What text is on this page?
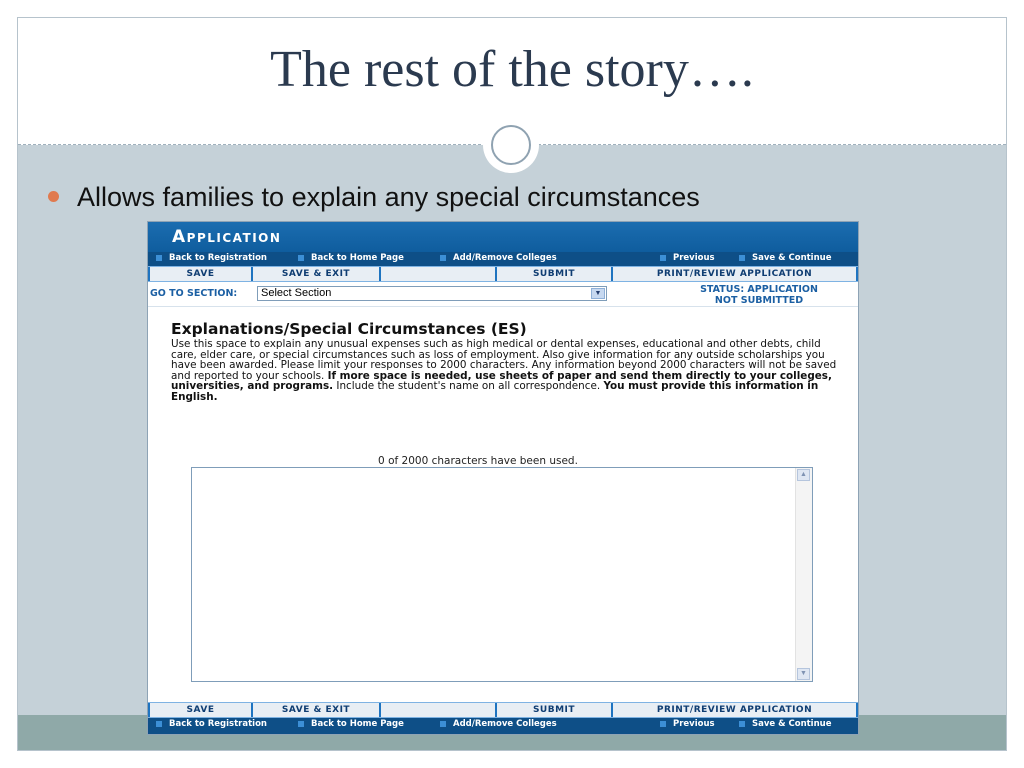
The rest of the story….
Allows families to explain any special circumstances
Application
Back to Registration	Back to Home Page	Add/Remove Colleges	Previous	Save & Continue
SAVE	SAVE & EXIT	SUBMIT	PRINT/REVIEW APPLICATION
GO TO SECTION:	Select Section	▼	STATUS: APPLICATION
NOT SUBMITTED
Explanations/Special Circumstances (ES)
Use this space to explain any unusual expenses such as high medical or dental expenses, educational and other debts, child care, elder care, or special circumstances such as loss of employment. Also give information for any outside scholarships you have been awarded. Please limit your responses to 2000 characters. Any information beyond 2000 characters will not be saved and reported to your schools. If more space is needed, use sheets of paper and send them directly to your colleges, universities, and programs. Include the student's name on all correspondence. You must provide this information in English.
0 of 2000 characters have been used.
▲
▼
SAVE	SAVE & EXIT	SUBMIT	PRINT/REVIEW APPLICATION
Back to Registration	Back to Home Page	Add/Remove Colleges	Previous	Save & Continue
